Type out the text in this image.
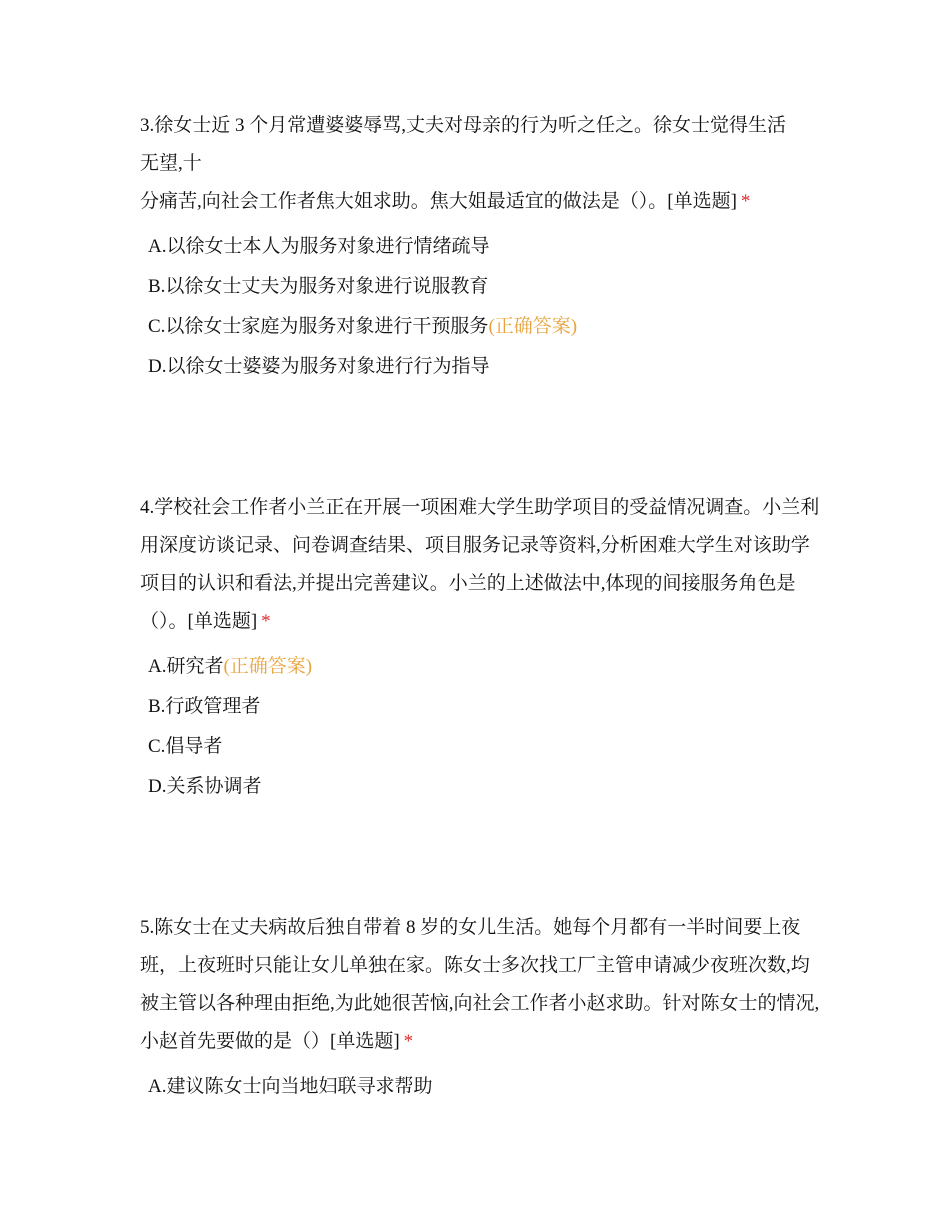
3.徐女士近 3 个月常遭婆婆辱骂,丈夫对母亲的行为听之任之。徐女士觉得生活无望,十
分痛苦,向社会工作者焦大姐求助。焦大姐最适宜的做法是（）。[单选题] *
A.以徐女士本人为服务对象进行情绪疏导
B.以徐女士丈夫为服务对象进行说服教育
C.以徐女士家庭为服务对象进行干预服务(正确答案)
D.以徐女士婆婆为服务对象进行行为指导
4.学校社会工作者小兰正在开展一项困难大学生助学项目的受益情况调查。小兰利
用深度访谈记录、问卷调查结果、项目服务记录等资料,分析困难大学生对该助学
项目的认识和看法,并提出完善建议。小兰的上述做法中,体现的间接服务角色是
（）。[单选题] *
A.研究者(正确答案)
B.行政管理者
C.倡导者
D.关系协调者
5.陈女士在丈夫病故后独自带着 8 岁的女儿生活。她每个月都有一半时间要上夜
班，上夜班时只能让女儿单独在家。陈女士多次找工厂主管申请减少夜班次数,均
被主管以各种理由拒绝,为此她很苦恼,向社会工作者小赵求助。针对陈女士的情况,
小赵首先要做的是（）[单选题] *
A.建议陈女士向当地妇联寻求帮助
